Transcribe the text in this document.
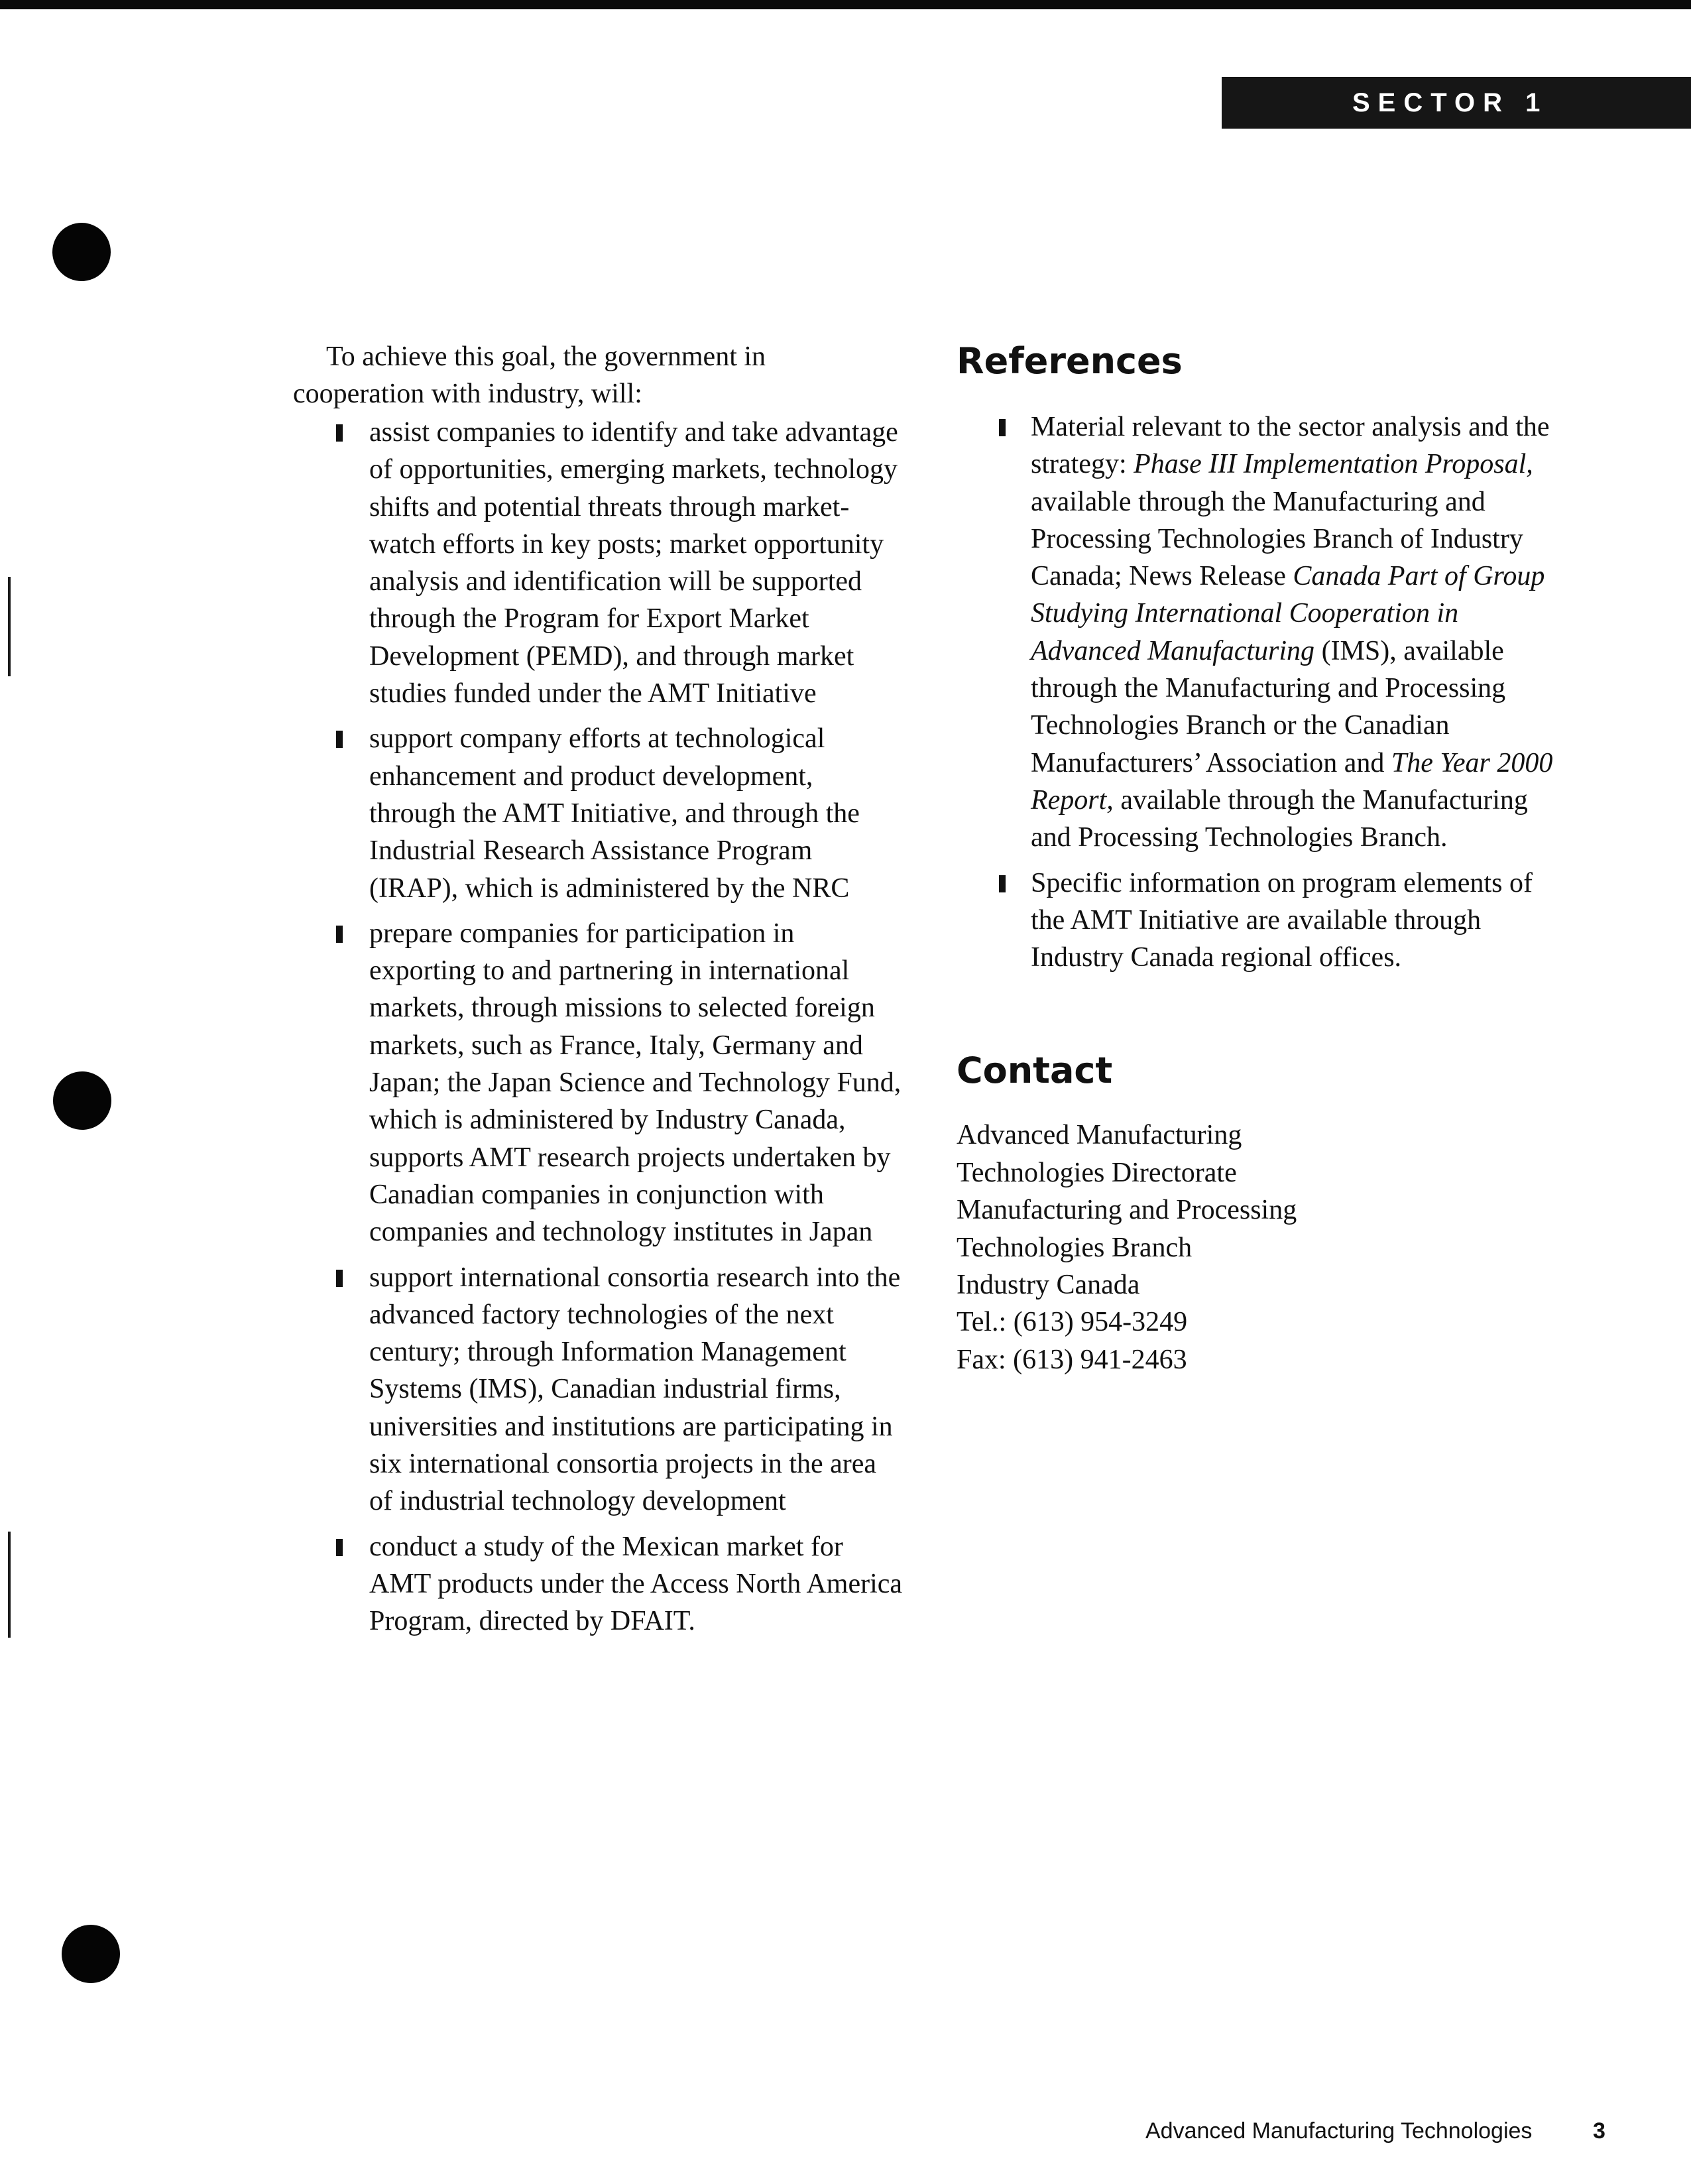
SECTOR 1

To achieve this goal, the government in cooperation with industry, will:

assist companies to identify and take advantage of opportunities, emerging markets, technology shifts and potential threats through market-watch efforts in key posts; market opportunity analysis and identification will be supported through the Program for Export Market Development (PEMD), and through market studies funded under the AMT Initiative
support company efforts at technological enhancement and product development, through the AMT Initiative, and through the Industrial Research Assistance Program (IRAP), which is administered by the NRC
prepare companies for participation in exporting to and partnering in international markets, through missions to selected foreign markets, such as France, Italy, Germany and Japan; the Japan Science and Technology Fund, which is administered by Industry Canada, supports AMT research projects undertaken by Canadian companies in conjunction with companies and technology institutes in Japan
support international consortia research into the advanced factory technologies of the next century; through Information Management Systems (IMS), Canadian industrial firms, universities and institutions are participating in six international consortia projects in the area of industrial technology development
conduct a study of the Mexican market for AMT products under the Access North America Program, directed by DFAIT.
References
Material relevant to the sector analysis and the strategy: Phase III Implementation Proposal, available through the Manufacturing and Processing Technologies Branch of Industry Canada; News Release Canada Part of Group Studying International Cooperation in Advanced Manufacturing (IMS), available through the Manufacturing and Processing Technologies Branch or the Canadian Manufacturers’ Association and The Year 2000 Report, available through the Manufacturing and Processing Technologies Branch.
Specific information on program elements of the AMT Initiative are available through Industry Canada regional offices.
Contact
Advanced Manufacturing
Technologies Directorate
Manufacturing and Processing
Technologies Branch
Industry Canada
Tel.: (613) 954-3249
Fax: (613) 941-2463
Advanced Manufacturing Technologies	3
